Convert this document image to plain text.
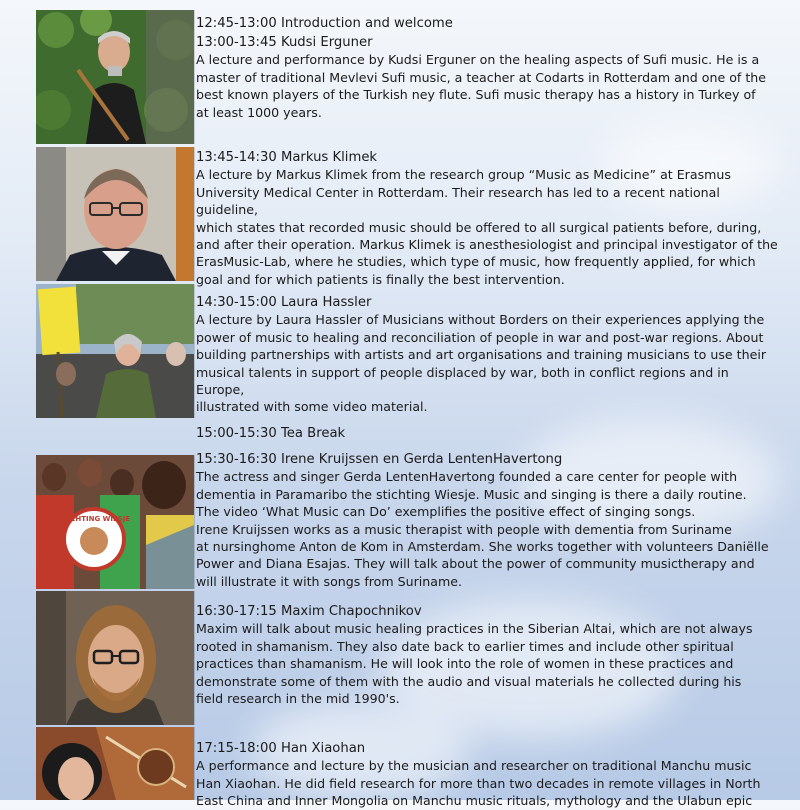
STICHTING WIESJE

12:45-13:00 Introduction and welcome

13:00-13:45 Kudsi Erguner

A lecture and performance by Kudsi Erguner on the healing aspects of Sufi music. He is a

master of traditional Mevlevi Sufi music, a teacher at Codarts in Rotterdam and one of the

best known players of the Turkish ney flute. Sufi music therapy has a history in Turkey of

at least 1000 years.

13:45-14:30 Markus Klimek

A lecture by Markus Klimek from the research group “Music as Medicine” at Erasmus

University Medical Center in Rotterdam. Their research has led to a recent national guideline,

which states that recorded music should be offered to all surgical patients before, during,

and after their operation. Markus Klimek is anesthesiologist and principal investigator of the

ErasMusic-Lab, where he studies, which type of music, how frequently applied, for which

goal and for which patients is finally the best intervention.

14:30-15:00 Laura Hassler

A lecture by Laura Hassler of Musicians without Borders on their experiences applying the

power of music to healing and reconciliation of people in war and post-war regions. About

building partnerships with artists and art organisations and training musicians to use their

musical talents in support of people displaced by war, both in conflict regions and in Europe,

illustrated with some video material.

15:00-15:30 Tea Break

15:30-16:30 Irene Kruijssen en Gerda LentenHavertong

The actress and singer Gerda LentenHavertong founded a care center for people with

dementia in Paramaribo the stichting Wiesje. Music and singing is there a daily routine.

The video ‘What Music can Do’ exemplifies the positive effect of singing songs.

Irene Kruijssen works as a music therapist with people with dementia from Suriname

at nursinghome Anton de Kom in Amsterdam. She works together with volunteers Daniëlle

Power and Diana Esajas. They will talk about the power of community musictherapy and

will illustrate it with songs from Suriname.

16:30-17:15 Maxim Chapochnikov

Maxim will talk about music healing practices in the Siberian Altai, which are not always

rooted in shamanism. They also date back to earlier times and include other spiritual

practices than shamanism. He will look into the role of women in these practices and

demonstrate some of them with the audio and visual materials he collected during his

field research in the mid 1990's.

17:15-18:00 Han Xiaohan

A performance and lecture by the musician and researcher on traditional Manchu music

Han Xiaohan. He did field research for more than two decades in remote villages in North

East China and Inner Mongolia on Manchu music rituals, mythology and the Ulabun epic
